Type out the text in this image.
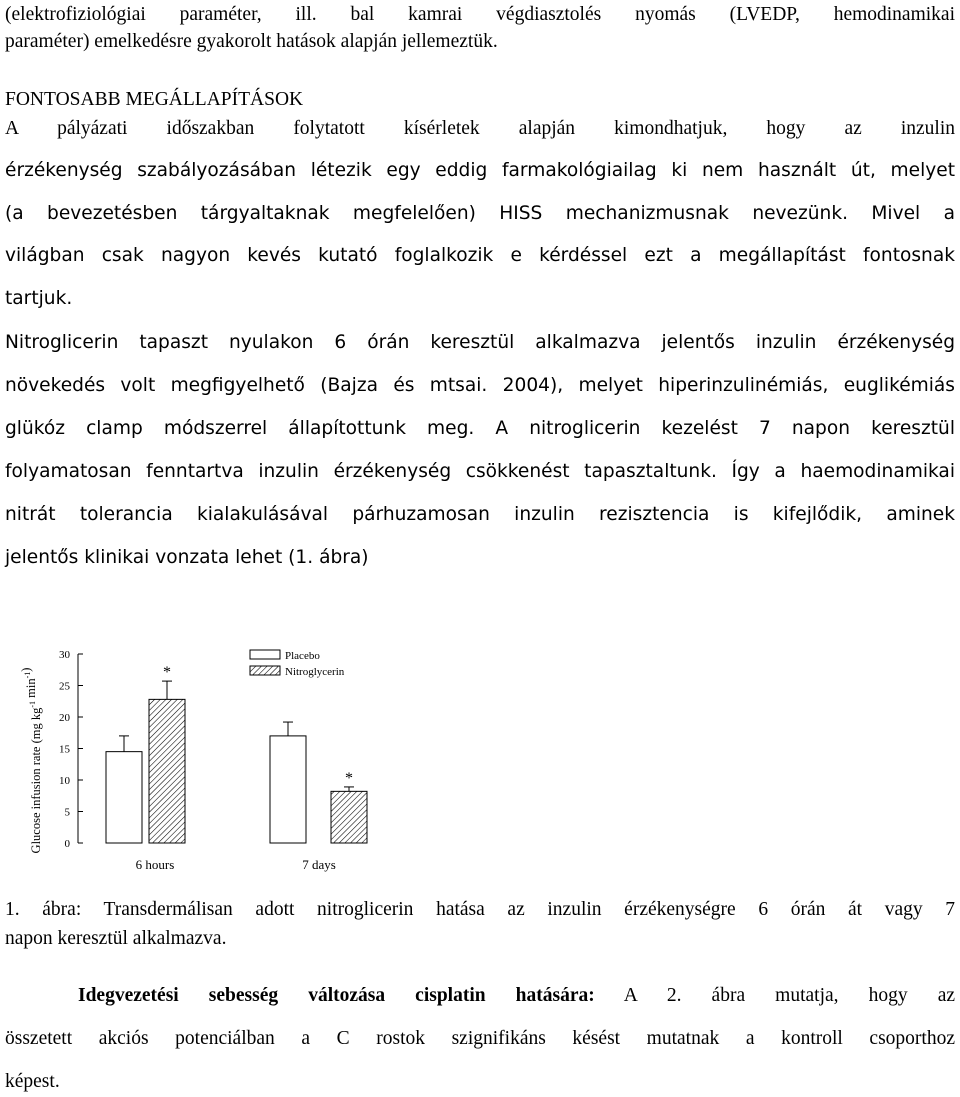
(elektrofiziológiai paraméter, ill. bal kamrai végdiasztolés nyomás (LVEDP, hemodinamikai

paraméter) emelkedésre gyakorolt hatások alapján jellemeztük.

FONTOSABB MEGÁLLAPÍTÁSOK

A pályázati időszakban folytatott kísérletek alapján kimondhatjuk, hogy az inzulin

érzékenység szabályozásában létezik egy eddig farmakológiailag ki nem használt út, melyet

(a bevezetésben tárgyaltaknak megfelelően) HISS mechanizmusnak nevezünk. Mivel a

világban csak nagyon kevés kutató foglalkozik e kérdéssel ezt a megállapítást fontosnak

tartjuk.

Nitroglicerin tapaszt nyulakon 6 órán keresztül alkalmazva jelentős inzulin érzékenység

növekedés volt megfigyelhető (Bajza és mtsai. 2004), melyet hiperinzulinémiás, euglikémiás

glükóz clamp módszerrel állapítottunk meg. A nitroglicerin kezelést 7 napon keresztül

folyamatosan fenntartva inzulin érzékenység csökkenést tapasztaltunk. Így a haemodinamikai

nitrát tolerancia kialakulásával párhuzamosan inzulin rezisztencia is kifejlődik, aminek

jelentős klinikai vonzata lehet (1. ábra)

0
5
10
15
20
25
30
Glucose infusion rate (mg $kg^{-1}$ $\min^{-1}$)	*
6 hours
*
7 days
Placebo
Nitroglycerin

1. ábra: Transdermálisan adott nitroglicerin hatása az inzulin érzékenységre 6 órán át vagy 7

napon keresztül alkalmazva.

Idegvezetési sebesség változása cisplatin hatására: A 2. ábra mutatja, hogy az

összetett akciós potenciálban a C rostok szignifikáns késést mutatnak a kontroll csoporthoz

képest.
